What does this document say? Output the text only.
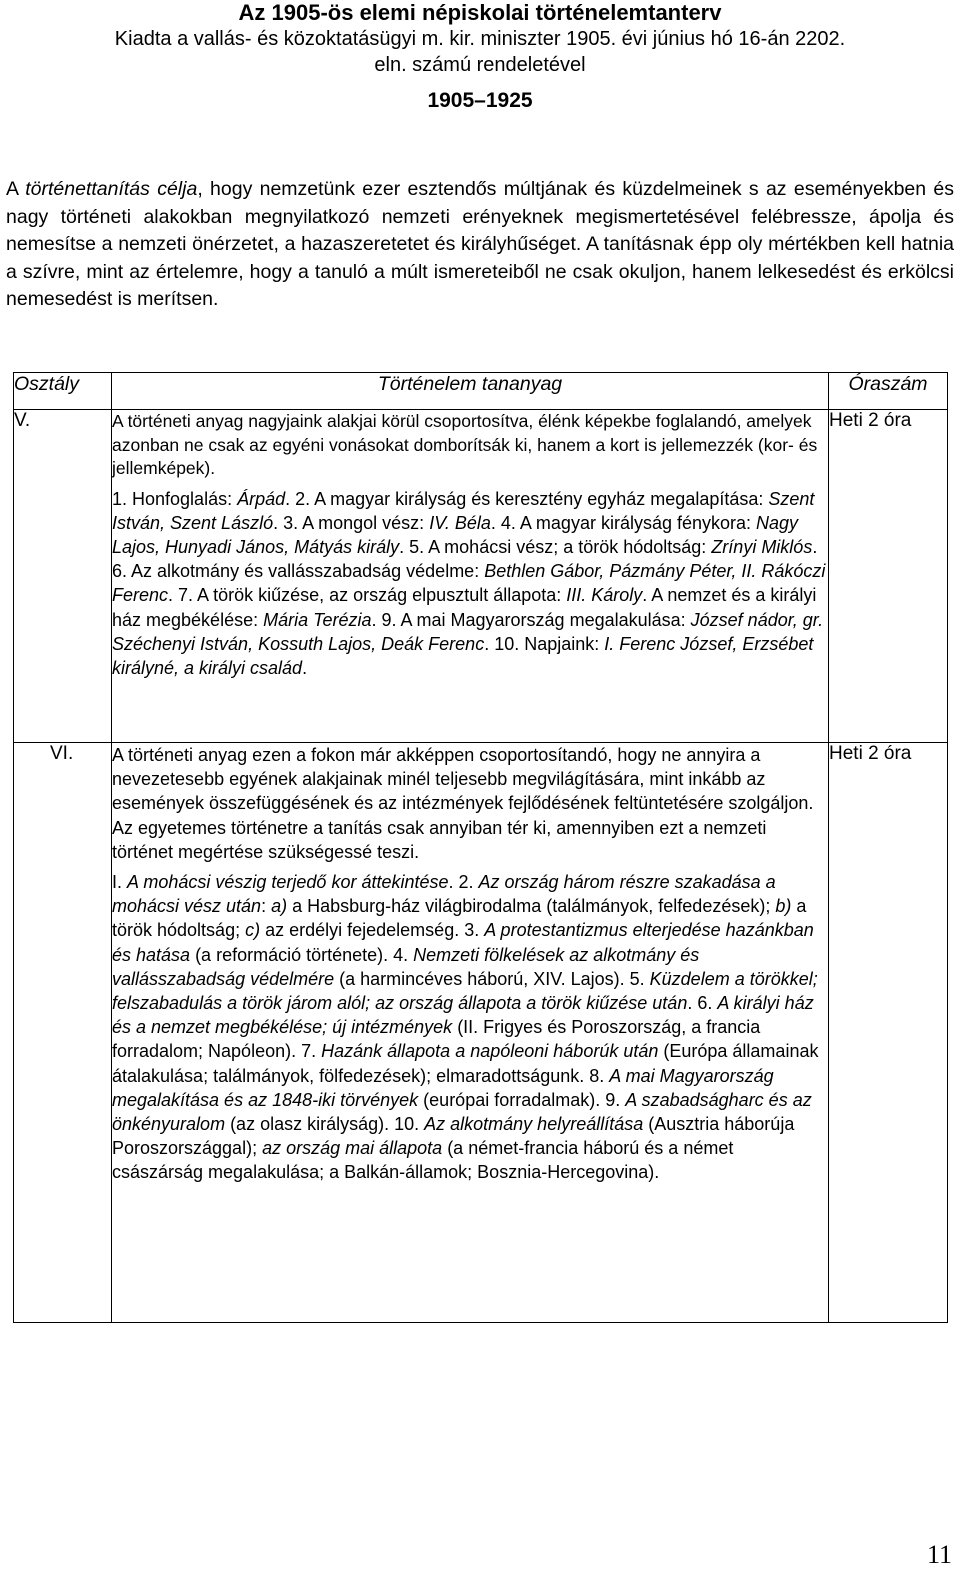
Az 1905-ös elemi népiskolai történelemtanterv
Kiadta a vallás- és közoktatásügyi m. kir. miniszter 1905. évi június hó 16-án 2202.
eln. számú rendeletével
1905–1925
A történettanítás célja, hogy nemzetünk ezer esztendős múltjának és küzdelmeinek s az eseményekben és nagy történeti alakokban megnyilatkozó nemzeti erényeknek megismertetésével felébressze, ápolja és nemesítse a nemzeti önérzetet, a hazaszeretetet és királyhűséget. A tanításnak épp oly mértékben kell hatnia a szívre, mint az értelemre, hogy a tanuló a múlt ismereteiből ne csak okuljon, hanem lelkesedést és erkölcsi nemesedést is merítsen.
Osztály	Történelem tananyag	Óraszám
V.	A történeti anyag nagyjaink alakjai körül csoportosítva, élénk képekbe foglalandó, amelyek azonban ne csak az egyéni vonásokat domborítsák ki, hanem a kort is jellemezzék (kor- és jellemképek).

1. Honfoglalás: Árpád. 2. A magyar királyság és keresztény egyház megalapítása: Szent István, Szent László. 3. A mongol vész: IV. Béla. 4. A magyar királyság fénykora: Nagy Lajos, Hunyadi János, Mátyás király. 5. A mohácsi vész; a török hódoltság: Zrínyi Miklós. 6. Az alkotmány és vallásszabadság védelme: Bethlen Gábor, Pázmány Péter, II. Rákóczi Ferenc. 7. A török kiűzése, az ország elpusztult állapota: III. Károly. A nemzet és a királyi ház megbékélése: Mária Terézia. 9. A mai Magyarország megalakulása: József nádor, gr. Széchenyi István, Kossuth Lajos, Deák Ferenc. 10. Napjaink: I. Ferenc József, Erzsébet királyné, a királyi család.	Heti 2 óra
VI.	A történeti anyag ezen a fokon már akképpen csoportosítandó, hogy ne annyira a nevezetesebb egyének alakjainak minél teljesebb megvilágítására, mint inkább az események összefüggésének és az intézmények fejlődésének feltüntetésére szolgáljon. Az egyetemes történetre a tanítás csak annyiban tér ki, amennyiben ezt a nemzeti történet megértése szükségessé teszi.

I. A mohácsi vészig terjedő kor áttekintése. 2. Az ország három részre szakadása a mohácsi vész után: a) a Habsburg-ház világbirodalma (találmányok, felfedezések); b) a török hódoltság; c) az erdélyi fejedelemség. 3. A protestantizmus elterjedése hazánkban és hatása (a reformáció története). 4. Nemzeti fölkelések az alkotmány és vallásszabadság védelmére (a harmincéves háború, XIV. Lajos). 5. Küzdelem a törökkel; felszabadulás a török járom alól; az ország állapota a török kiűzése után. 6. A királyi ház és a nemzet megbékélése; új intézmények (II. Frigyes és Poroszország, a francia forradalom; Napóleon). 7. Hazánk állapota a napóleoni háborúk után (Európa államainak átalakulása; találmányok, fölfedezések); elmaradottságunk. 8. A mai Magyarország megalakítása és az 1848-iki törvények (európai forradalmak). 9. A szabadságharc és az önkényuralom (az olasz királyság). 10. Az alkotmány helyreállítása (Ausztria háborúja Poroszországgal); az ország mai állapota (a német-francia háború és a német császárság megalakulása; a Balkán-államok; Bosznia-Hercegovina).	Heti 2 óra
11
